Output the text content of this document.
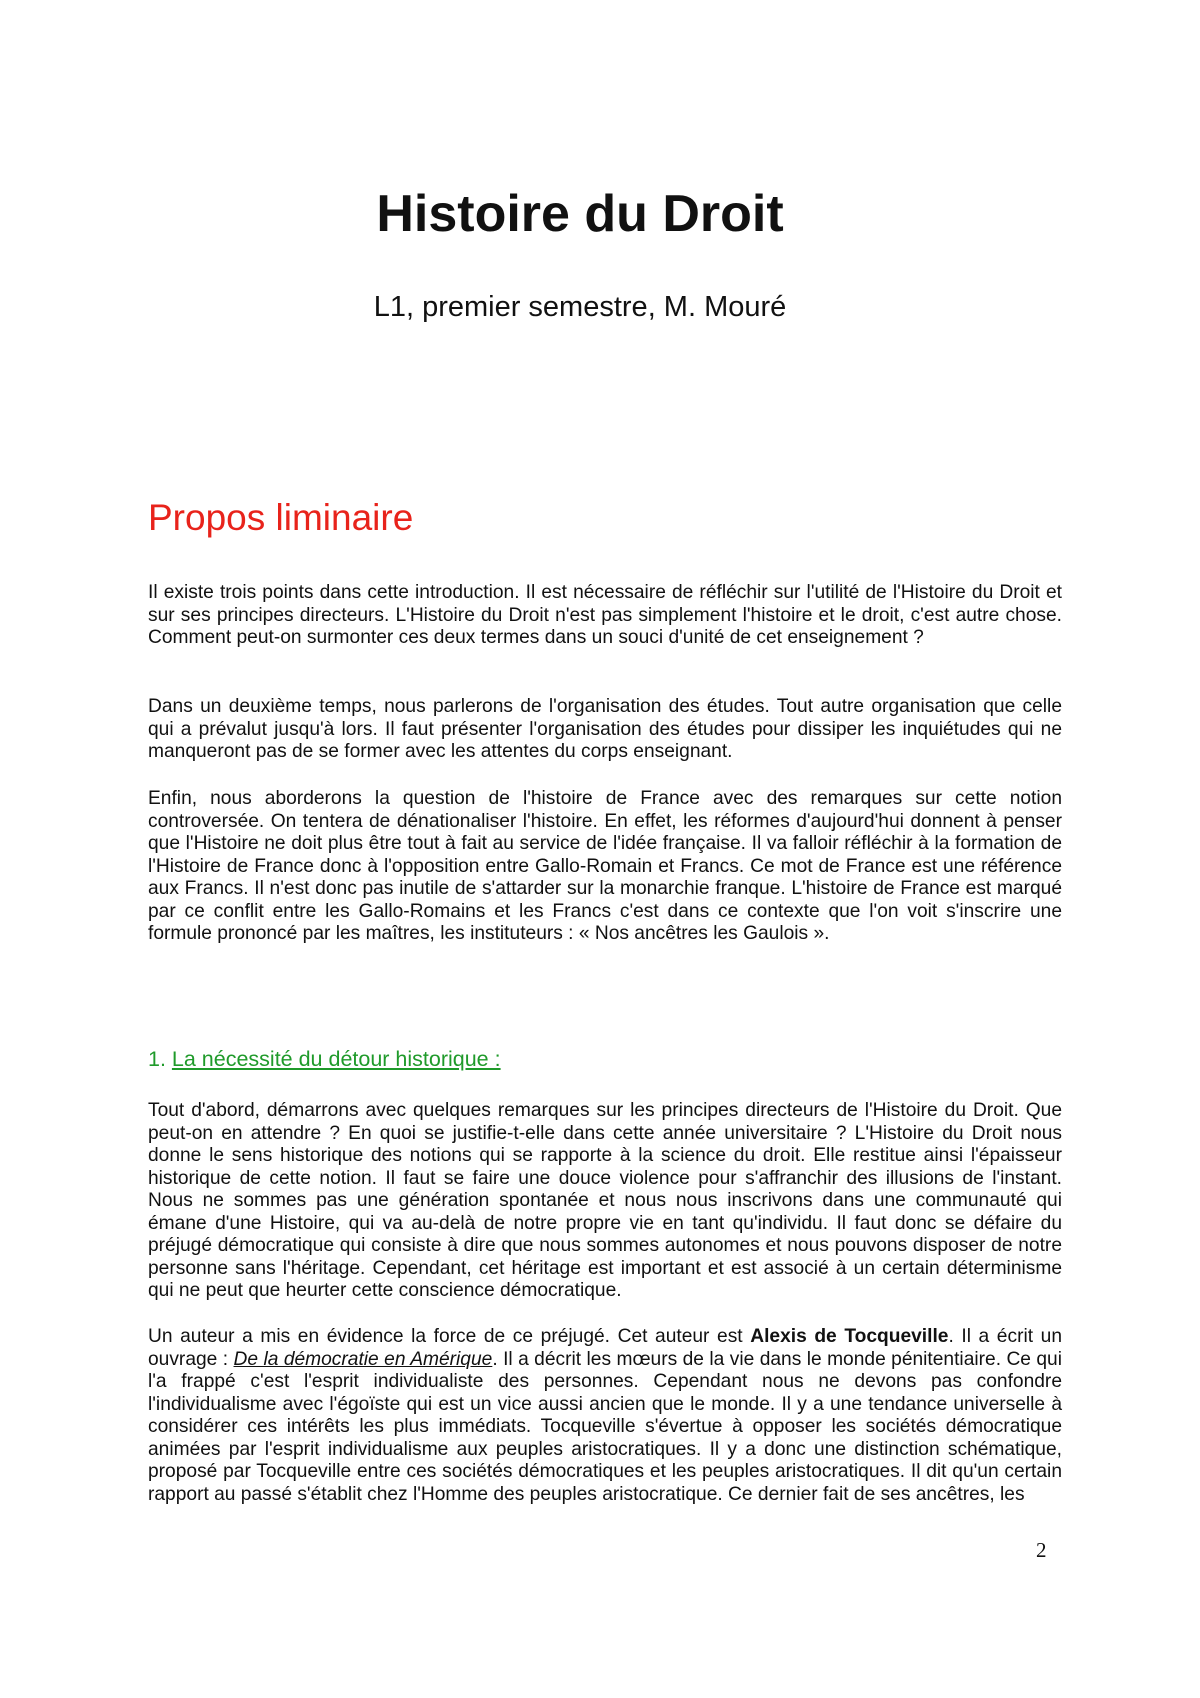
Histoire du Droit

L1, premier semestre, M. Mouré

Propos liminaire

Il existe trois points dans cette introduction. Il est nécessaire de réfléchir sur l'utilité de l'Histoire du Droit et sur ses principes directeurs. L'Histoire du Droit n'est pas simplement l'histoire et le droit, c'est autre chose. Comment peut-on surmonter ces deux termes dans un souci d'unité de cet enseignement ?

Dans un deuxième temps, nous parlerons de l'organisation des études. Tout autre organisation que celle qui a prévalut jusqu'à lors. Il faut présenter l'organisation des études pour dissiper les inquiétudes qui ne manqueront pas de se former avec les attentes du corps enseignant.

Enfin, nous aborderons la question de l'histoire de France avec des remarques sur cette notion controversée. On tentera de dénationaliser l'histoire. En effet, les réformes d'aujourd'hui donnent à penser que l'Histoire ne doit plus être tout à fait au service de l'idée française. Il va falloir réfléchir à la formation de l'Histoire de France donc à l'opposition entre Gallo-Romain et Francs. Ce mot de France est une référence aux Francs. Il n'est donc pas inutile de s'attarder sur la monarchie franque. L'histoire de France est marqué par ce conflit entre les Gallo-Romains et les Francs c'est dans ce contexte que l'on voit s'inscrire une formule prononcé par les maîtres, les instituteurs : « Nos ancêtres les Gaulois ».

1. La nécessité du détour historique :

Tout d'abord, démarrons avec quelques remarques sur les principes directeurs de l'Histoire du Droit. Que peut-on en attendre ? En quoi se justifie-t-elle dans cette année universitaire ? L'Histoire du Droit nous donne le sens historique des notions qui se rapporte à la science du droit. Elle restitue ainsi l'épaisseur historique de cette notion. Il faut se faire une douce violence pour s'affranchir des illusions de l'instant. Nous ne sommes pas une génération spontanée et nous nous inscrivons dans une communauté qui émane d'une Histoire, qui va au-delà de notre propre vie en tant qu'individu. Il faut donc se défaire du préjugé démocratique qui consiste à dire que nous sommes autonomes et nous pouvons disposer de notre personne sans l'héritage. Cependant, cet héritage est important et est associé à un certain déterminisme qui ne peut que heurter cette conscience démocratique.

Un auteur a mis en évidence la force de ce préjugé. Cet auteur est Alexis de Tocqueville. Il a écrit un ouvrage : De la démocratie en Amérique. Il a décrit les mœurs de la vie dans le monde pénitentiaire. Ce qui l'a frappé c'est l'esprit individualiste des personnes. Cependant nous ne devons pas confondre l'individualisme avec l'égoïste qui est un vice aussi ancien que le monde. Il y a une tendance universelle à considérer ces intérêts les plus immédiats. Tocqueville s'évertue à opposer les sociétés démocratique animées par l'esprit individualisme aux peuples aristocratiques. Il y a donc une distinction schématique, proposé par Tocqueville entre ces sociétés démocratiques et les peuples aristocratiques. Il dit qu'un certain rapport au passé s'établit chez l'Homme des peuples aristocratique. Ce dernier fait de ses ancêtres, les

2
